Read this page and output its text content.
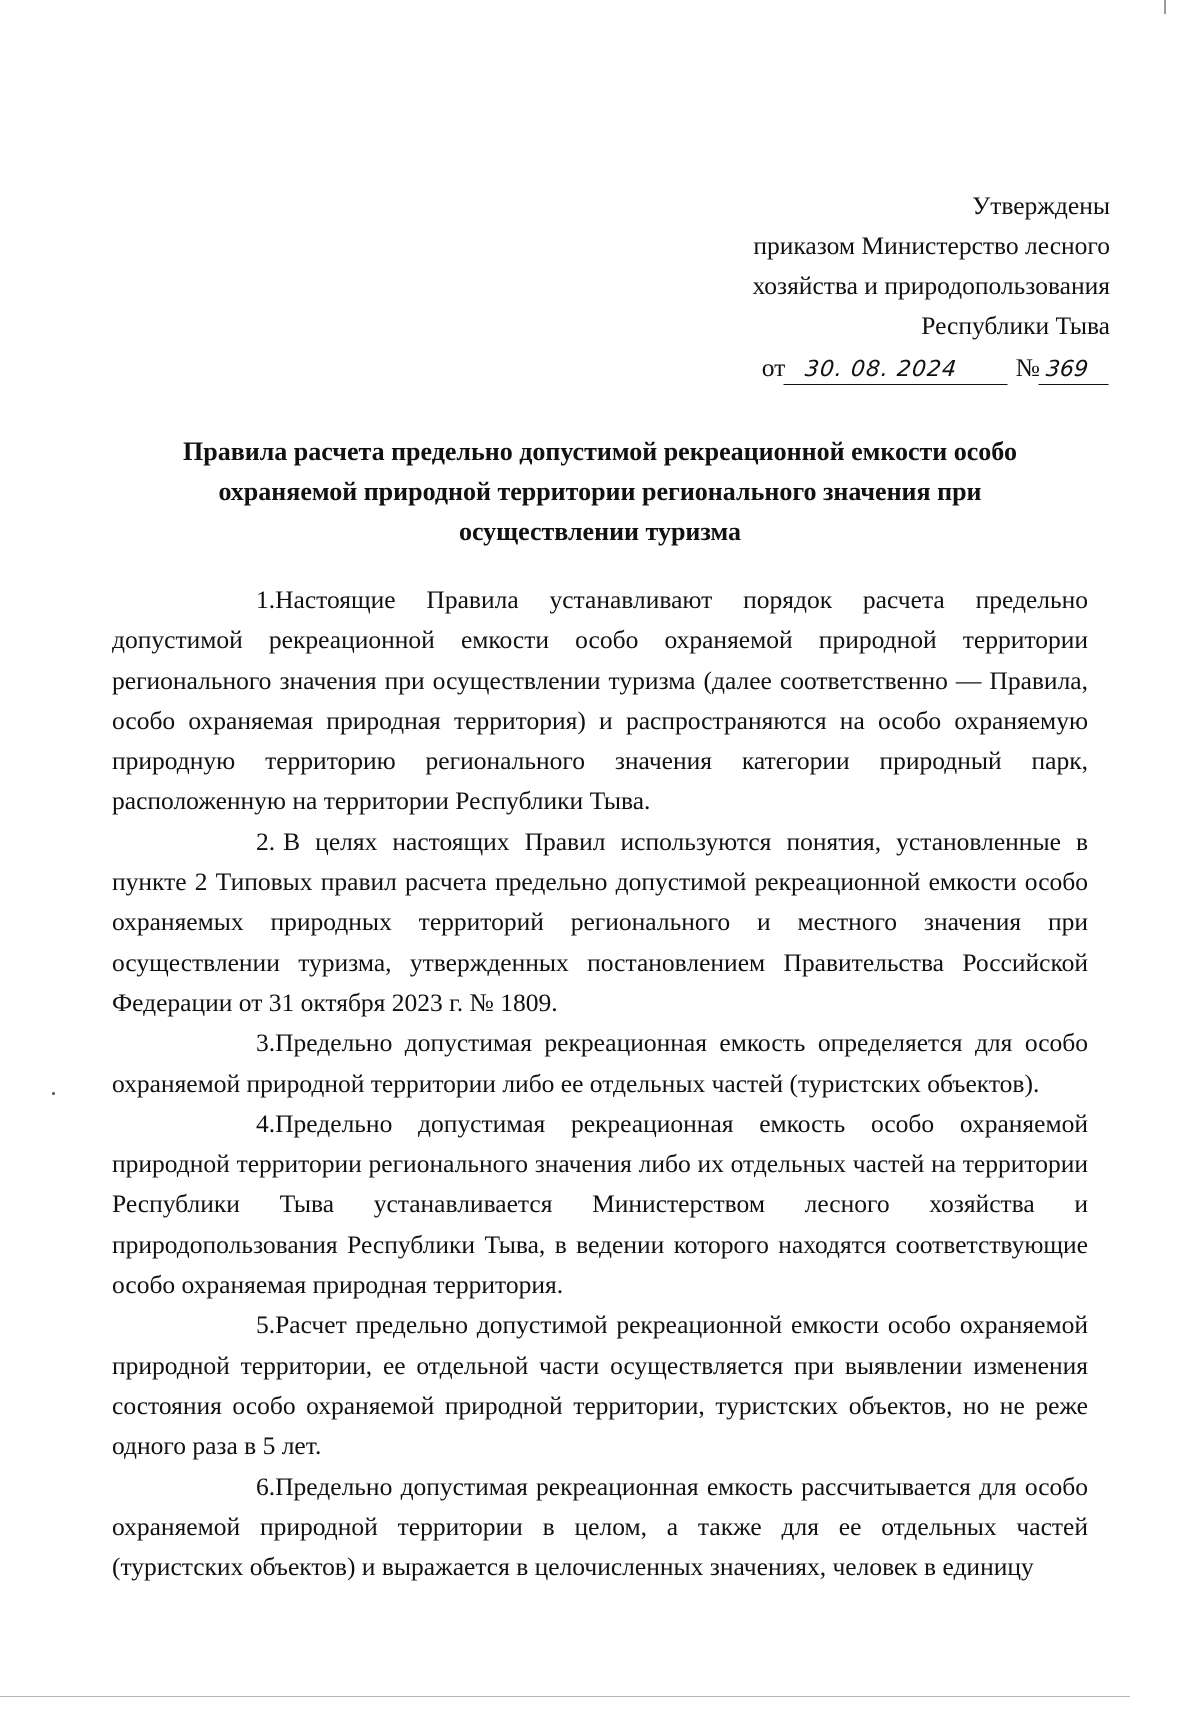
Утверждены
приказом Министерство лесного
хозяйства и природопользования
Республики Тыва
от 30. 08. 2024 № 369
Правила расчета предельно допустимой рекреационной емкости особо
охраняемой природной территории регионального значения при
осуществлении туризма

1.Настоящие Правила устанавливают порядок расчета предельно допустимой рекреационной емкости особо охраняемой природной территории регионального значения при осуществлении туризма (далее соответственно — Правила, особо охраняемая природная территория) и распространяются на особо охраняемую природную территорию регионального значения категории природный парк, расположенную на территории Республики Тыва.

2. В целях настоящих Правил используются понятия, установленные в пункте 2 Типовых правил расчета предельно допустимой рекреационной емкости особо охраняемых природных территорий регионального и местного значения при осуществлении туризма, утвержденных постановлением Правительства Российской Федерации от 31 октября 2023 г. № 1809.

3.Предельно допустимая рекреационная емкость определяется для особо охраняемой природной территории либо ее отдельных частей (туристских объектов).

4.Предельно допустимая рекреационная емкость особо охраняемой природной территории регионального значения либо их отдельных частей на территории Республики Тыва устанавливается Министерством лесного хозяйства и природопользования Республики Тыва, в ведении которого находятся соответствующие особо охраняемая природная территория.

5.Расчет предельно допустимой рекреационной емкости особо охраняемой природной территории, ее отдельной части осуществляется при выявлении изменения состояния особо охраняемой природной территории, туристских объектов, но не реже одного раза в 5 лет.

6.Предельно допустимая рекреационная емкость рассчитывается для особо охраняемой природной территории в целом, а также для ее отдельных частей (туристских объектов) и выражается в целочисленных значениях, человек в единицу
